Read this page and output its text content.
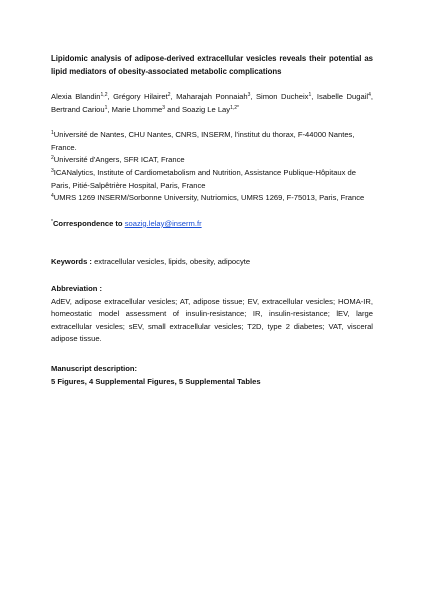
Lipidomic analysis of adipose-derived extracellular vesicles reveals their potential as lipid mediators of obesity-associated metabolic complications

Alexia Blandin$^{1,2}$, Grégory Hilairet$^2$, Maharajah Ponnaiah$^3$, Simon Ducheix$^1$, Isabelle Dugail$^4$, Bertrand Cariou$^1$, Marie Lhomme$^3$ and Soazig Le Lay$^{1,2*}$

$^1$Université de Nantes, CHU Nantes, CNRS, INSERM, l'institut du thorax, F-44000 Nantes, France.

$^2$Université d'Angers, SFR ICAT, France

$^3$ICANalytics, Institute of Cardiometabolism and Nutrition, Assistance Publique-Hôpitaux de Paris, Pitié-Salpêtrière Hospital, Paris, France

$^4$UMRS 1269 INSERM/Sorbonne University, Nutriomics, UMRS 1269, F-75013, Paris, France

*Correspondence to soazig.lelay@inserm.fr
Keywords : extracellular vesicles, lipids, obesity, adipocyte
Abbreviation :

AdEV, adipose extracellular vesicles; AT, adipose tissue; EV, extracellular vesicles; HOMA-IR, homeostatic model assessment of insulin-resistance; IR, insulin-resistance; lEV, large extracellular vesicles; sEV, small extracellular vesicles; T2D, type 2 diabetes; VAT, visceral adipose tissue.

Manuscript description:

5 Figures, 4 Supplemental Figures, 5 Supplemental Tables
